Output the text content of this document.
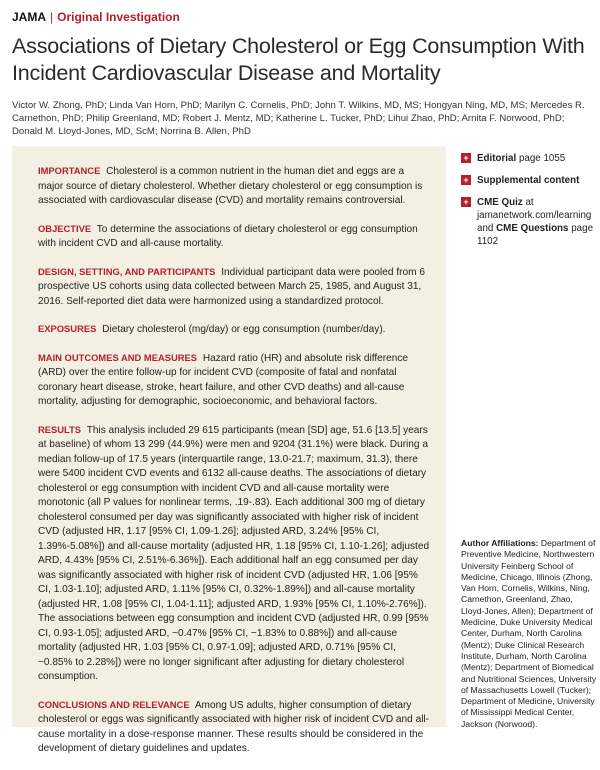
JAMA | Original Investigation
Associations of Dietary Cholesterol or Egg Consumption With Incident Cardiovascular Disease and Mortality
Victor W. Zhong, PhD; Linda Van Horn, PhD; Marilyn C. Cornelis, PhD; John T. Wilkins, MD, MS; Hongyan Ning, MD, MS; Mercedes R. Carnethon, PhD; Philip Greenland, MD; Robert J. Mentz, MD; Katherine L. Tucker, PhD; Lihui Zhao, PhD; Arnita F. Norwood, PhD; Donald M. Lloyd-Jones, MD, ScM; Norrina B. Allen, PhD

IMPORTANCE Cholesterol is a common nutrient in the human diet and eggs are a major source of dietary cholesterol. Whether dietary cholesterol or egg consumption is associated with cardiovascular disease (CVD) and mortality remains controversial.

OBJECTIVE To determine the associations of dietary cholesterol or egg consumption with incident CVD and all-cause mortality.

DESIGN, SETTING, AND PARTICIPANTS Individual participant data were pooled from 6 prospective US cohorts using data collected between March 25, 1985, and August 31, 2016. Self-reported diet data were harmonized using a standardized protocol.

EXPOSURES Dietary cholesterol (mg/day) or egg consumption (number/day).

MAIN OUTCOMES AND MEASURES Hazard ratio (HR) and absolute risk difference (ARD) over the entire follow-up for incident CVD (composite of fatal and nonfatal coronary heart disease, stroke, heart failure, and other CVD deaths) and all-cause mortality, adjusting for demographic, socioeconomic, and behavioral factors.

RESULTS This analysis included 29 615 participants (mean [SD] age, 51.6 [13.5] years at baseline) of whom 13 299 (44.9%) were men and 9204 (31.1%) were black. During a median follow-up of 17.5 years (interquartile range, 13.0-21.7; maximum, 31.3), there were 5400 incident CVD events and 6132 all-cause deaths. The associations of dietary cholesterol or egg consumption with incident CVD and all-cause mortality were monotonic (all P values for nonlinear terms, .19-.83). Each additional 300 mg of dietary cholesterol consumed per day was significantly associated with higher risk of incident CVD (adjusted HR, 1.17 [95% CI, 1.09-1.26]; adjusted ARD, 3.24% [95% CI, 1.39%-5.08%]) and all-cause mortality (adjusted HR, 1.18 [95% CI, 1.10-1.26]; adjusted ARD, 4.43% [95% CI, 2.51%-6.36%]). Each additional half an egg consumed per day was significantly associated with higher risk of incident CVD (adjusted HR, 1.06 [95% CI, 1.03-1.10]; adjusted ARD, 1.11% [95% CI, 0.32%-1.89%]) and all-cause mortality (adjusted HR, 1.08 [95% CI, 1.04-1.11]; adjusted ARD, 1.93% [95% CI, 1.10%-2.76%]). The associations between egg consumption and incident CVD (adjusted HR, 0.99 [95% CI, 0.93-1.05]; adjusted ARD, −0.47% [95% CI, −1.83% to 0.88%]) and all-cause mortality (adjusted HR, 1.03 [95% CI, 0.97-1.09]; adjusted ARD, 0.71% [95% CI, −0.85% to 2.28%]) were no longer significant after adjusting for dietary cholesterol consumption.

CONCLUSIONS AND RELEVANCE Among US adults, higher consumption of dietary cholesterol or eggs was significantly associated with higher risk of incident CVD and all-cause mortality in a dose-response manner. These results should be considered in the development of dietary guidelines and updates.

+ Editorial page 1055
+ Supplemental content
+ CME Quiz at
jamanetwork.com/learning
and CME Questions page 1102
Author Affiliations: Department of Preventive Medicine, Northwestern University Feinberg School of Medicine, Chicago, Illinois (Zhong, Van Horn, Cornelis, Wilkins, Ning, Carnethon, Greenland, Zhao, Lloyd-Jones, Allen); Department of Medicine, Duke University Medical Center, Durham, North Carolina (Mentz); Duke Clinical Research Institute, Durham, North Carolina (Mentz); Department of Biomedical and Nutritional Sciences, University of Massachusetts Lowell (Tucker); Department of Medicine, University of Mississippi Medical Center, Jackson (Norwood).
